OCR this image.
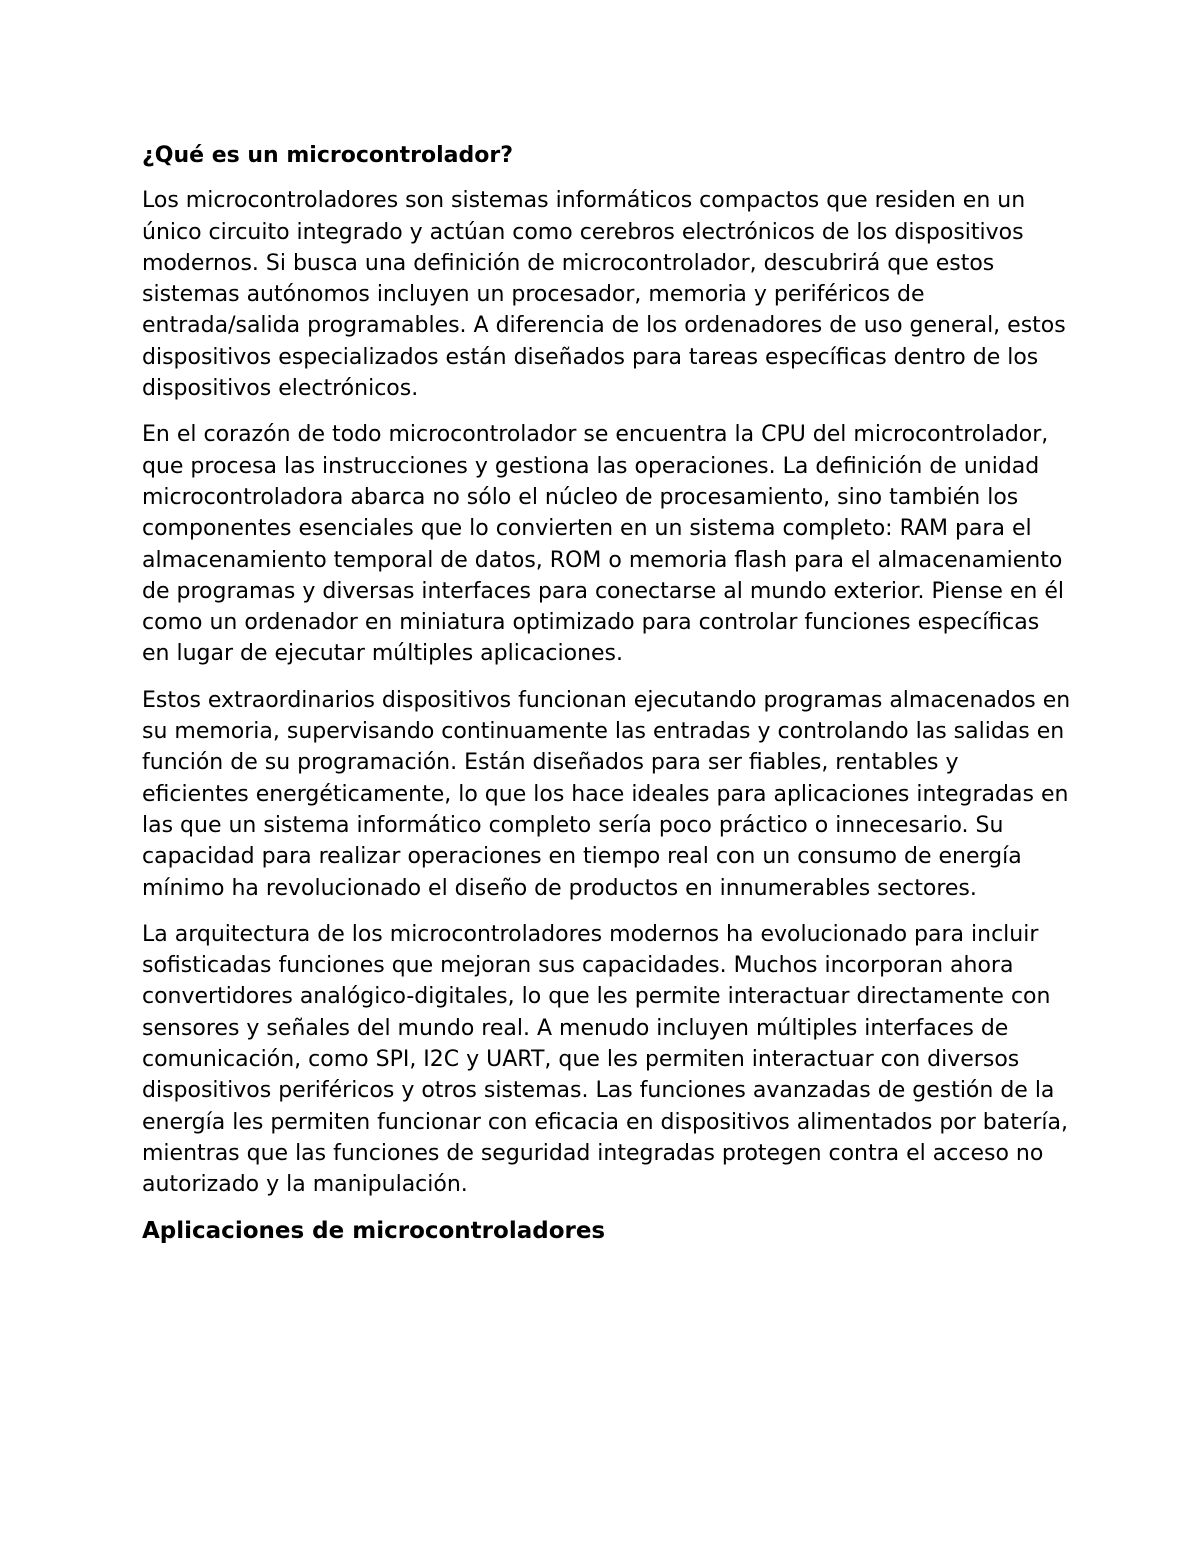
¿Qué es un microcontrolador?

Los microcontroladores son sistemas informáticos compactos que residen en un único circuito integrado y actúan como cerebros electrónicos de los dispositivos modernos. Si busca una definición de microcontrolador, descubrirá que estos sistemas autónomos incluyen un procesador, memoria y periféricos de entrada/salida programables. A diferencia de los ordenadores de uso general, estos dispositivos especializados están diseñados para tareas específicas dentro de los dispositivos electrónicos.

En el corazón de todo microcontrolador se encuentra la CPU del microcontrolador, que procesa las instrucciones y gestiona las operaciones. La definición de unidad microcontroladora abarca no sólo el núcleo de procesamiento, sino también los componentes esenciales que lo convierten en un sistema completo: RAM para el almacenamiento temporal de datos, ROM o memoria flash para el almacenamiento de programas y diversas interfaces para conectarse al mundo exterior. Piense en él como un ordenador en miniatura optimizado para controlar funciones específicas en lugar de ejecutar múltiples aplicaciones.

Estos extraordinarios dispositivos funcionan ejecutando programas almacenados en su memoria, supervisando continuamente las entradas y controlando las salidas en función de su programación. Están diseñados para ser fiables, rentables y eficientes energéticamente, lo que los hace ideales para aplicaciones integradas en las que un sistema informático completo sería poco práctico o innecesario. Su capacidad para realizar operaciones en tiempo real con un consumo de energía mínimo ha revolucionado el diseño de productos en innumerables sectores.

La arquitectura de los microcontroladores modernos ha evolucionado para incluir sofisticadas funciones que mejoran sus capacidades. Muchos incorporan ahora convertidores analógico-digitales, lo que les permite interactuar directamente con sensores y señales del mundo real. A menudo incluyen múltiples interfaces de comunicación, como SPI, I2C y UART, que les permiten interactuar con diversos dispositivos periféricos y otros sistemas. Las funciones avanzadas de gestión de la energía les permiten funcionar con eficacia en dispositivos alimentados por batería, mientras que las funciones de seguridad integradas protegen contra el acceso no autorizado y la manipulación.

Aplicaciones de microcontroladores
